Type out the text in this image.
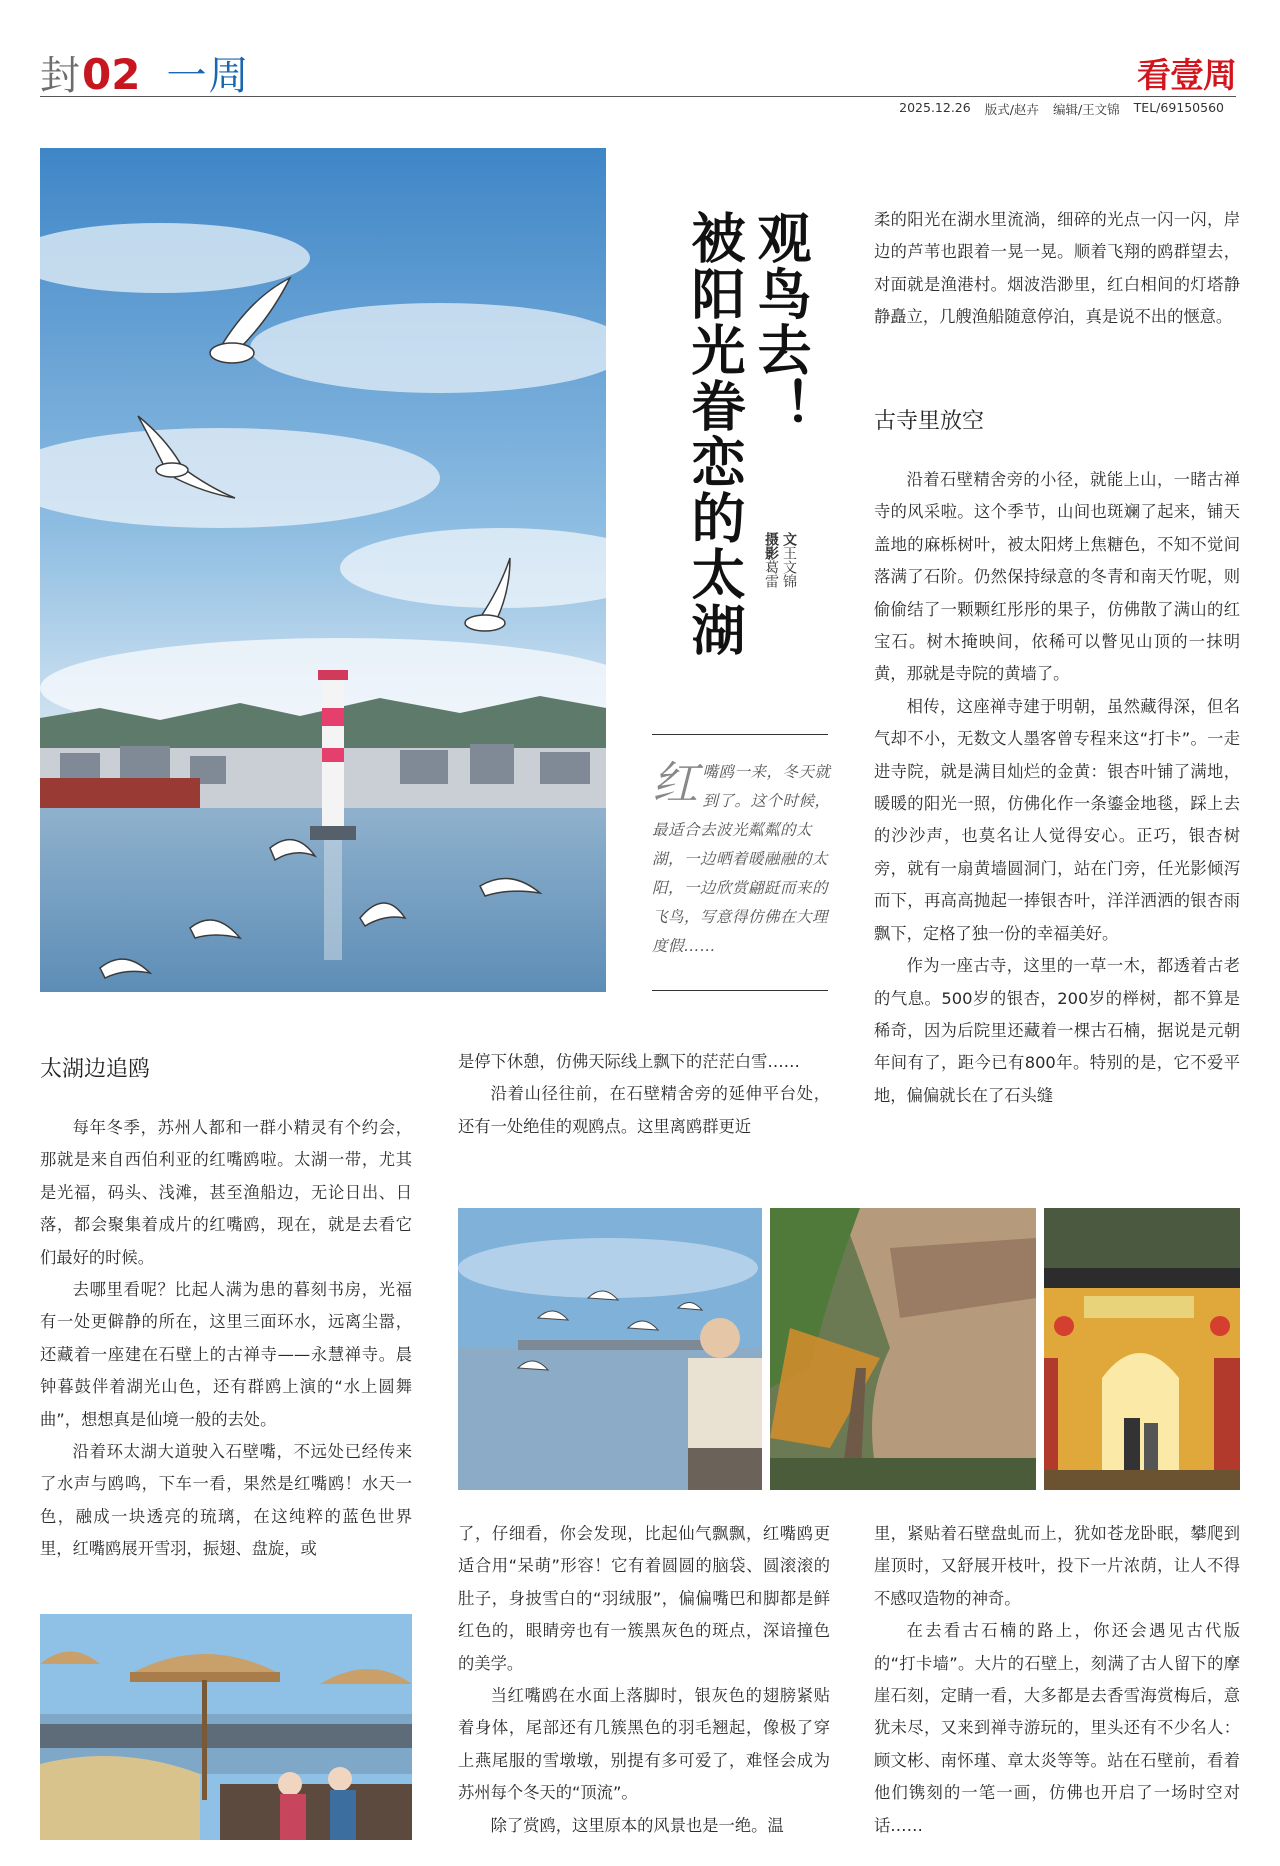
封 02 一周	看壹周
2025.12.26 版式/赵卉 编辑/王文锦 TEL/69150560
观鸟去！
被阳光眷恋的太湖	文王文锦
摄影葛雷
红嘴鸥一来，冬天就到了。这个时候，最适合去波光粼粼的太湖，一边晒着暖融融的太阳，一边欣赏翩跹而来的飞鸟，写意得仿佛在大理度假……

柔的阳光在湖水里流淌，细碎的光点一闪一闪，岸边的芦苇也跟着一晃一晃。顺着飞翔的鸥群望去，对面就是渔港村。烟波浩渺里，红白相间的灯塔静静矗立，几艘渔船随意停泊，真是说不出的惬意。

古寺里放空

沿着石壁精舍旁的小径，就能上山，一睹古禅寺的风采啦。这个季节，山间也斑斓了起来，铺天盖地的麻栎树叶，被太阳烤上焦糖色，不知不觉间落满了石阶。仍然保持绿意的冬青和南天竹呢，则偷偷结了一颗颗红彤彤的果子，仿佛散了满山的红宝石。树木掩映间，依稀可以瞥见山顶的一抹明黄，那就是寺院的黄墙了。

相传，这座禅寺建于明朝，虽然藏得深，但名气却不小，无数文人墨客曾专程来这“打卡”。一走进寺院，就是满目灿烂的金黄：银杏叶铺了满地，暖暖的阳光一照，仿佛化作一条鎏金地毯，踩上去的沙沙声，也莫名让人觉得安心。正巧，银杏树旁，就有一扇黄墙圆洞门，站在门旁，任光影倾泻而下，再高高抛起一捧银杏叶，洋洋洒洒的银杏雨飘下，定格了独一份的幸福美好。

作为一座古寺，这里的一草一木，都透着古老的气息。500岁的银杏，200岁的榉树，都不算是稀奇，因为后院里还藏着一棵古石楠，据说是元朝年间有了，距今已有800年。特别的是，它不爱平地，偏偏就长在了石头缝

太湖边追鸥

每年冬季，苏州人都和一群小精灵有个约会，那就是来自西伯利亚的红嘴鸥啦。太湖一带，尤其是光福，码头、浅滩，甚至渔船边，无论日出、日落，都会聚集着成片的红嘴鸥，现在，就是去看它们最好的时候。

去哪里看呢？比起人满为患的暮刻书房，光福有一处更僻静的所在，这里三面环水，远离尘嚣，还藏着一座建在石壁上的古禅寺——永慧禅寺。晨钟暮鼓伴着湖光山色，还有群鸥上演的“水上圆舞曲”，想想真是仙境一般的去处。

沿着环太湖大道驶入石壁嘴，不远处已经传来了水声与鸥鸣，下车一看，果然是红嘴鸥！水天一色，融成一块透亮的琉璃，在这纯粹的蓝色世界里，红嘴鸥展开雪羽，振翅、盘旋，或

是停下休憩，仿佛天际线上飘下的茫茫白雪……

沿着山径往前，在石壁精舍旁的延伸平台处，还有一处绝佳的观鸥点。这里离鸥群更近

了，仔细看，你会发现，比起仙气飘飘，红嘴鸥更适合用“呆萌”形容！它有着圆圆的脑袋、圆滚滚的肚子，身披雪白的“羽绒服”，偏偏嘴巴和脚都是鲜红色的，眼睛旁也有一簇黑灰色的斑点，深谙撞色的美学。

当红嘴鸥在水面上落脚时，银灰色的翅膀紧贴着身体，尾部还有几簇黑色的羽毛翘起，像极了穿上燕尾服的雪墩墩，别提有多可爱了，难怪会成为苏州每个冬天的“顶流”。

除了赏鸥，这里原本的风景也是一绝。温

里，紧贴着石壁盘虬而上，犹如苍龙卧眠，攀爬到崖顶时，又舒展开枝叶，投下一片浓荫，让人不得不感叹造物的神奇。

在去看古石楠的路上，你还会遇见古代版的“打卡墙”。大片的石壁上，刻满了古人留下的摩崖石刻，定睛一看，大多都是去香雪海赏梅后，意犹未尽，又来到禅寺游玩的，里头还有不少名人：顾文彬、南怀瑾、章太炎等等。站在石壁前，看着他们镌刻的一笔一画，仿佛也开启了一场时空对话……
